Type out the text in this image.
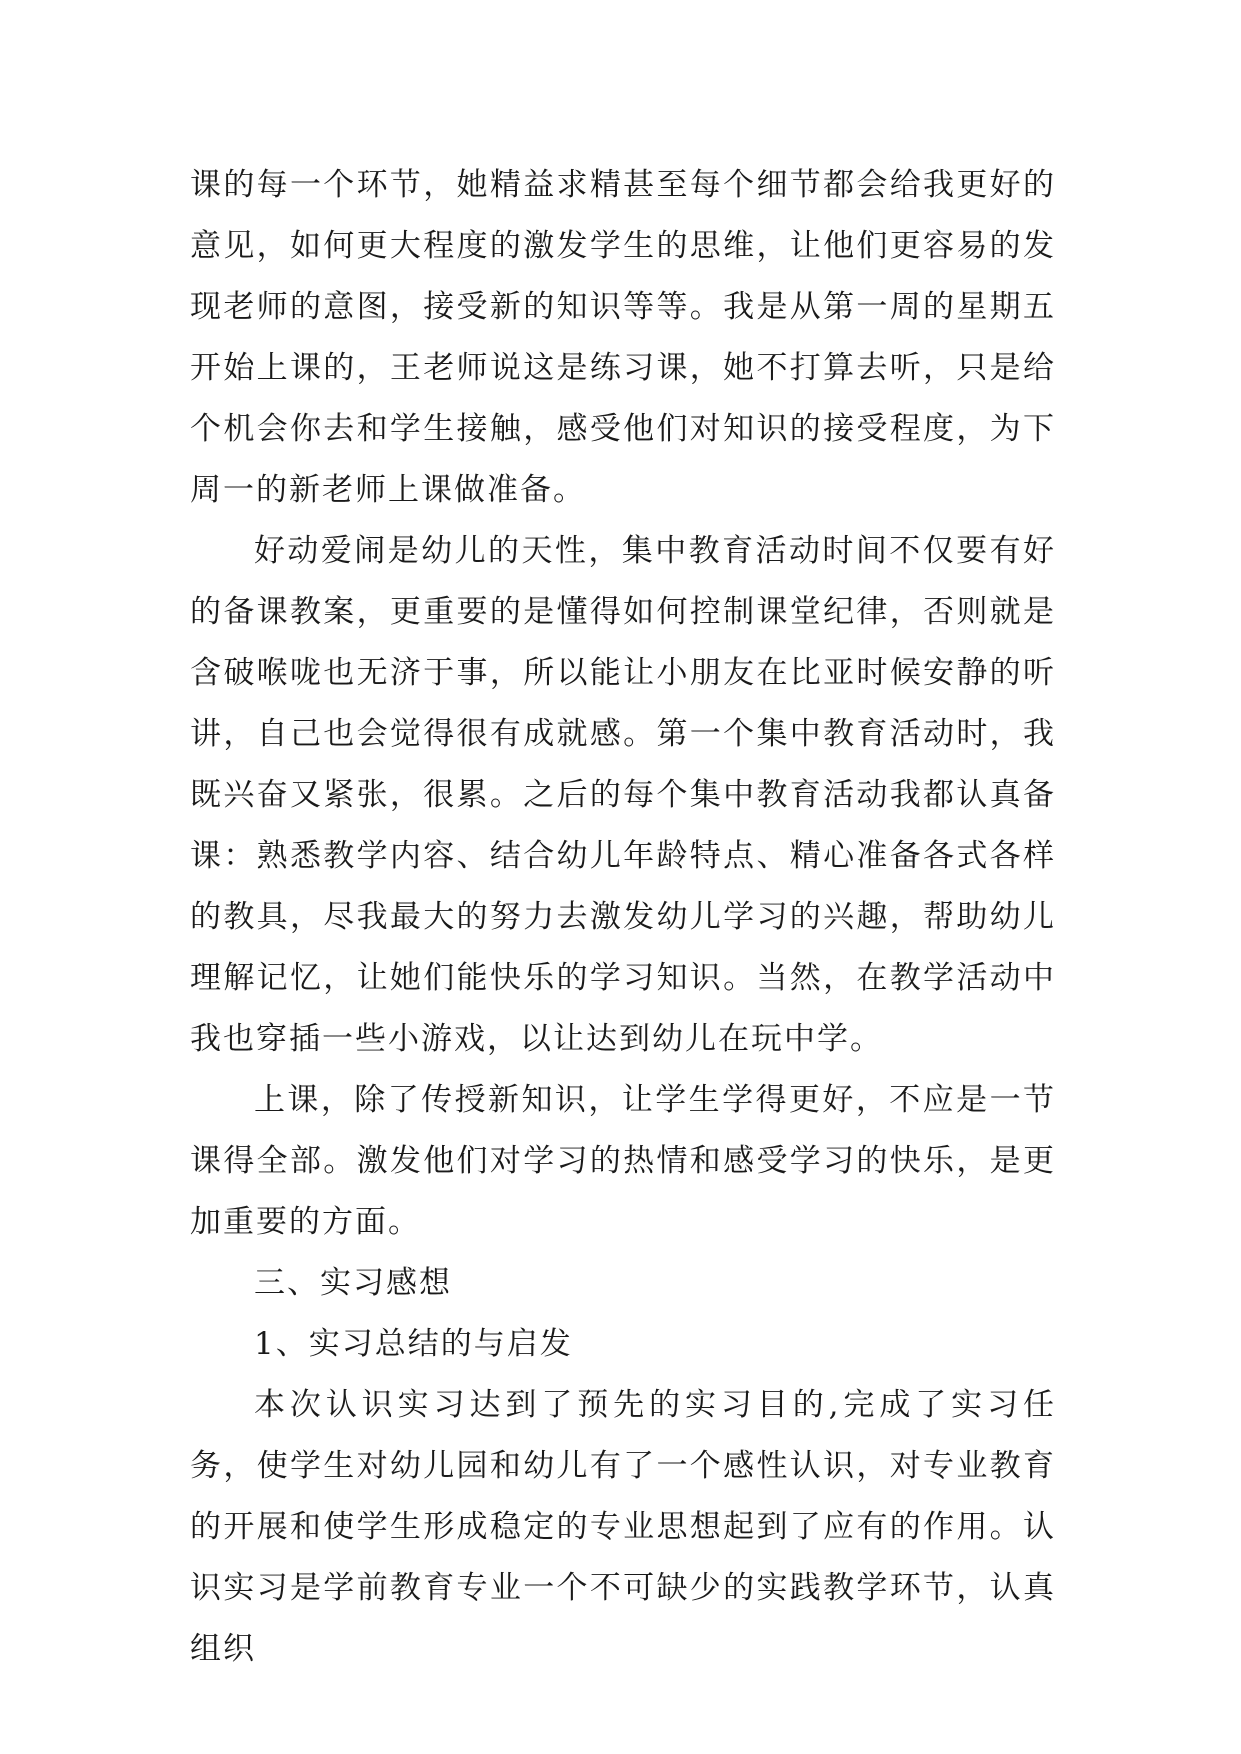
课的每一个环节，她精益求精甚至每个细节都会给我更好的意见，如何更大程度的激发学生的思维，让他们更容易的发现老师的意图，接受新的知识等等。我是从第一周的星期五开始上课的，王老师说这是练习课，她不打算去听，只是给个机会你去和学生接触，感受他们对知识的接受程度，为下周一的新老师上课做准备。

好动爱闹是幼儿的天性，集中教育活动时间不仅要有好的备课教案，更重要的是懂得如何控制课堂纪律，否则就是含破喉咙也无济于事，所以能让小朋友在比亚时候安静的听讲，自己也会觉得很有成就感。第一个集中教育活动时，我既兴奋又紧张，很累。之后的每个集中教育活动我都认真备课：熟悉教学内容、结合幼儿年龄特点、精心准备各式各样的教具，尽我最大的努力去激发幼儿学习的兴趣，帮助幼儿理解记忆，让她们能快乐的学习知识。当然，在教学活动中我也穿插一些小游戏，以让达到幼儿在玩中学。

上课，除了传授新知识，让学生学得更好，不应是一节课得全部。激发他们对学习的热情和感受学习的快乐，是更加重要的方面。

三、实习感想

1、实习总结的与启发

本次认识实习达到了预先的实习目的,完成了实习任务，使学生对幼儿园和幼儿有了一个感性认识，对专业教育的开展和使学生形成稳定的专业思想起到了应有的作用。认识实习是学前教育专业一个不可缺少的实践教学环节，认真组织
